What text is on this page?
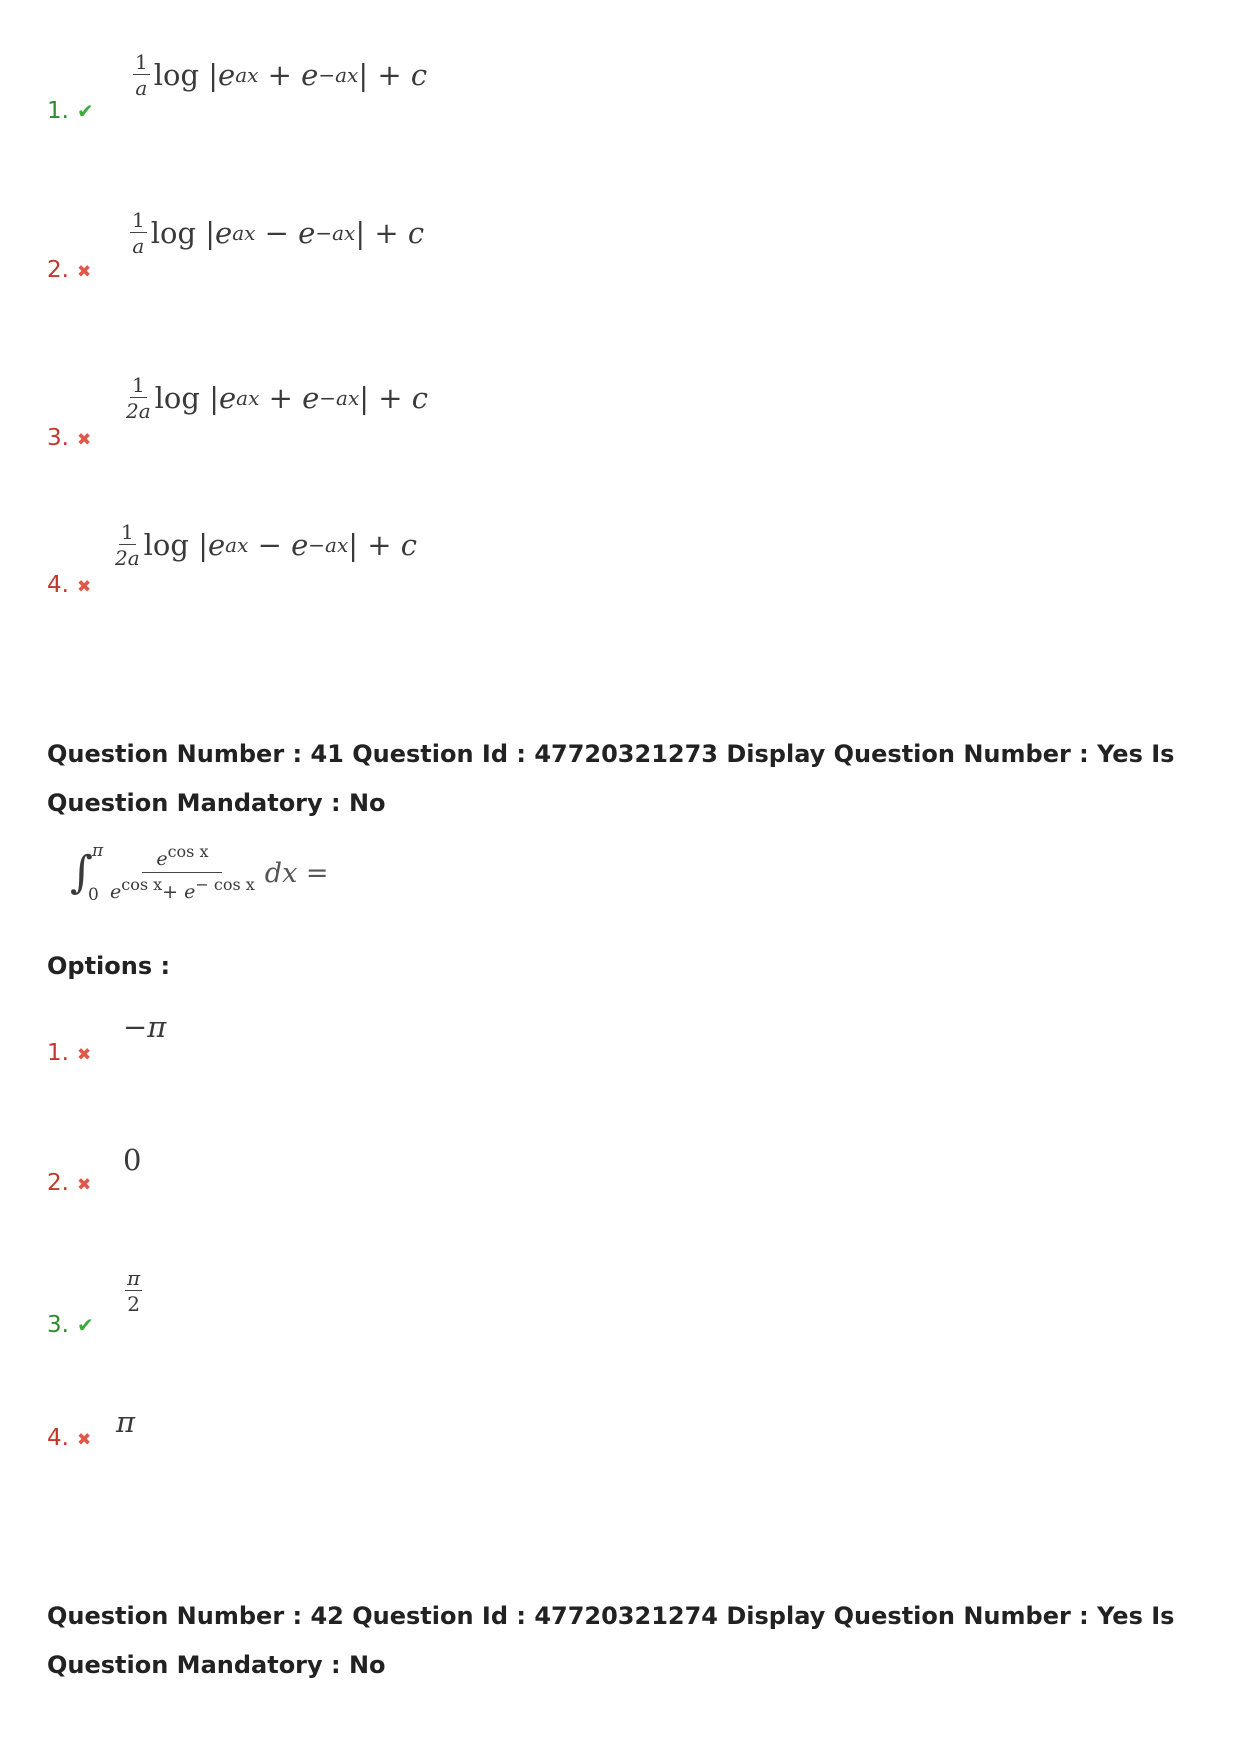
1. ✔
$\frac{1}{a}$ log
| e ax
+
e −ax |
+
c
2. ✖
$\frac{1}{a}$ log
| e ax
−
e −ax |
+
c
3. ✖
$\frac{1}{2a}$ log
| e ax
+
e −ax |
+
c
4. ✖
$\frac{1}{2a}$ log
| e ax
−
e −ax |
+
c
Question Number : 41 Question Id : 47720321273 Display Question Number : Yes Is Question Mandatory : No
∫ π
$0 \frac{e^{cos x}}{e^{cos x}+ e^{- cos x}}$ dx =
Options :
1. ✖
−π
2. ✖
0
3. ✔
$\frac{\pi}{2}$
4. ✖
π
Question Number : 42 Question Id : 47720321274 Display Question Number : Yes Is Question Mandatory : No
